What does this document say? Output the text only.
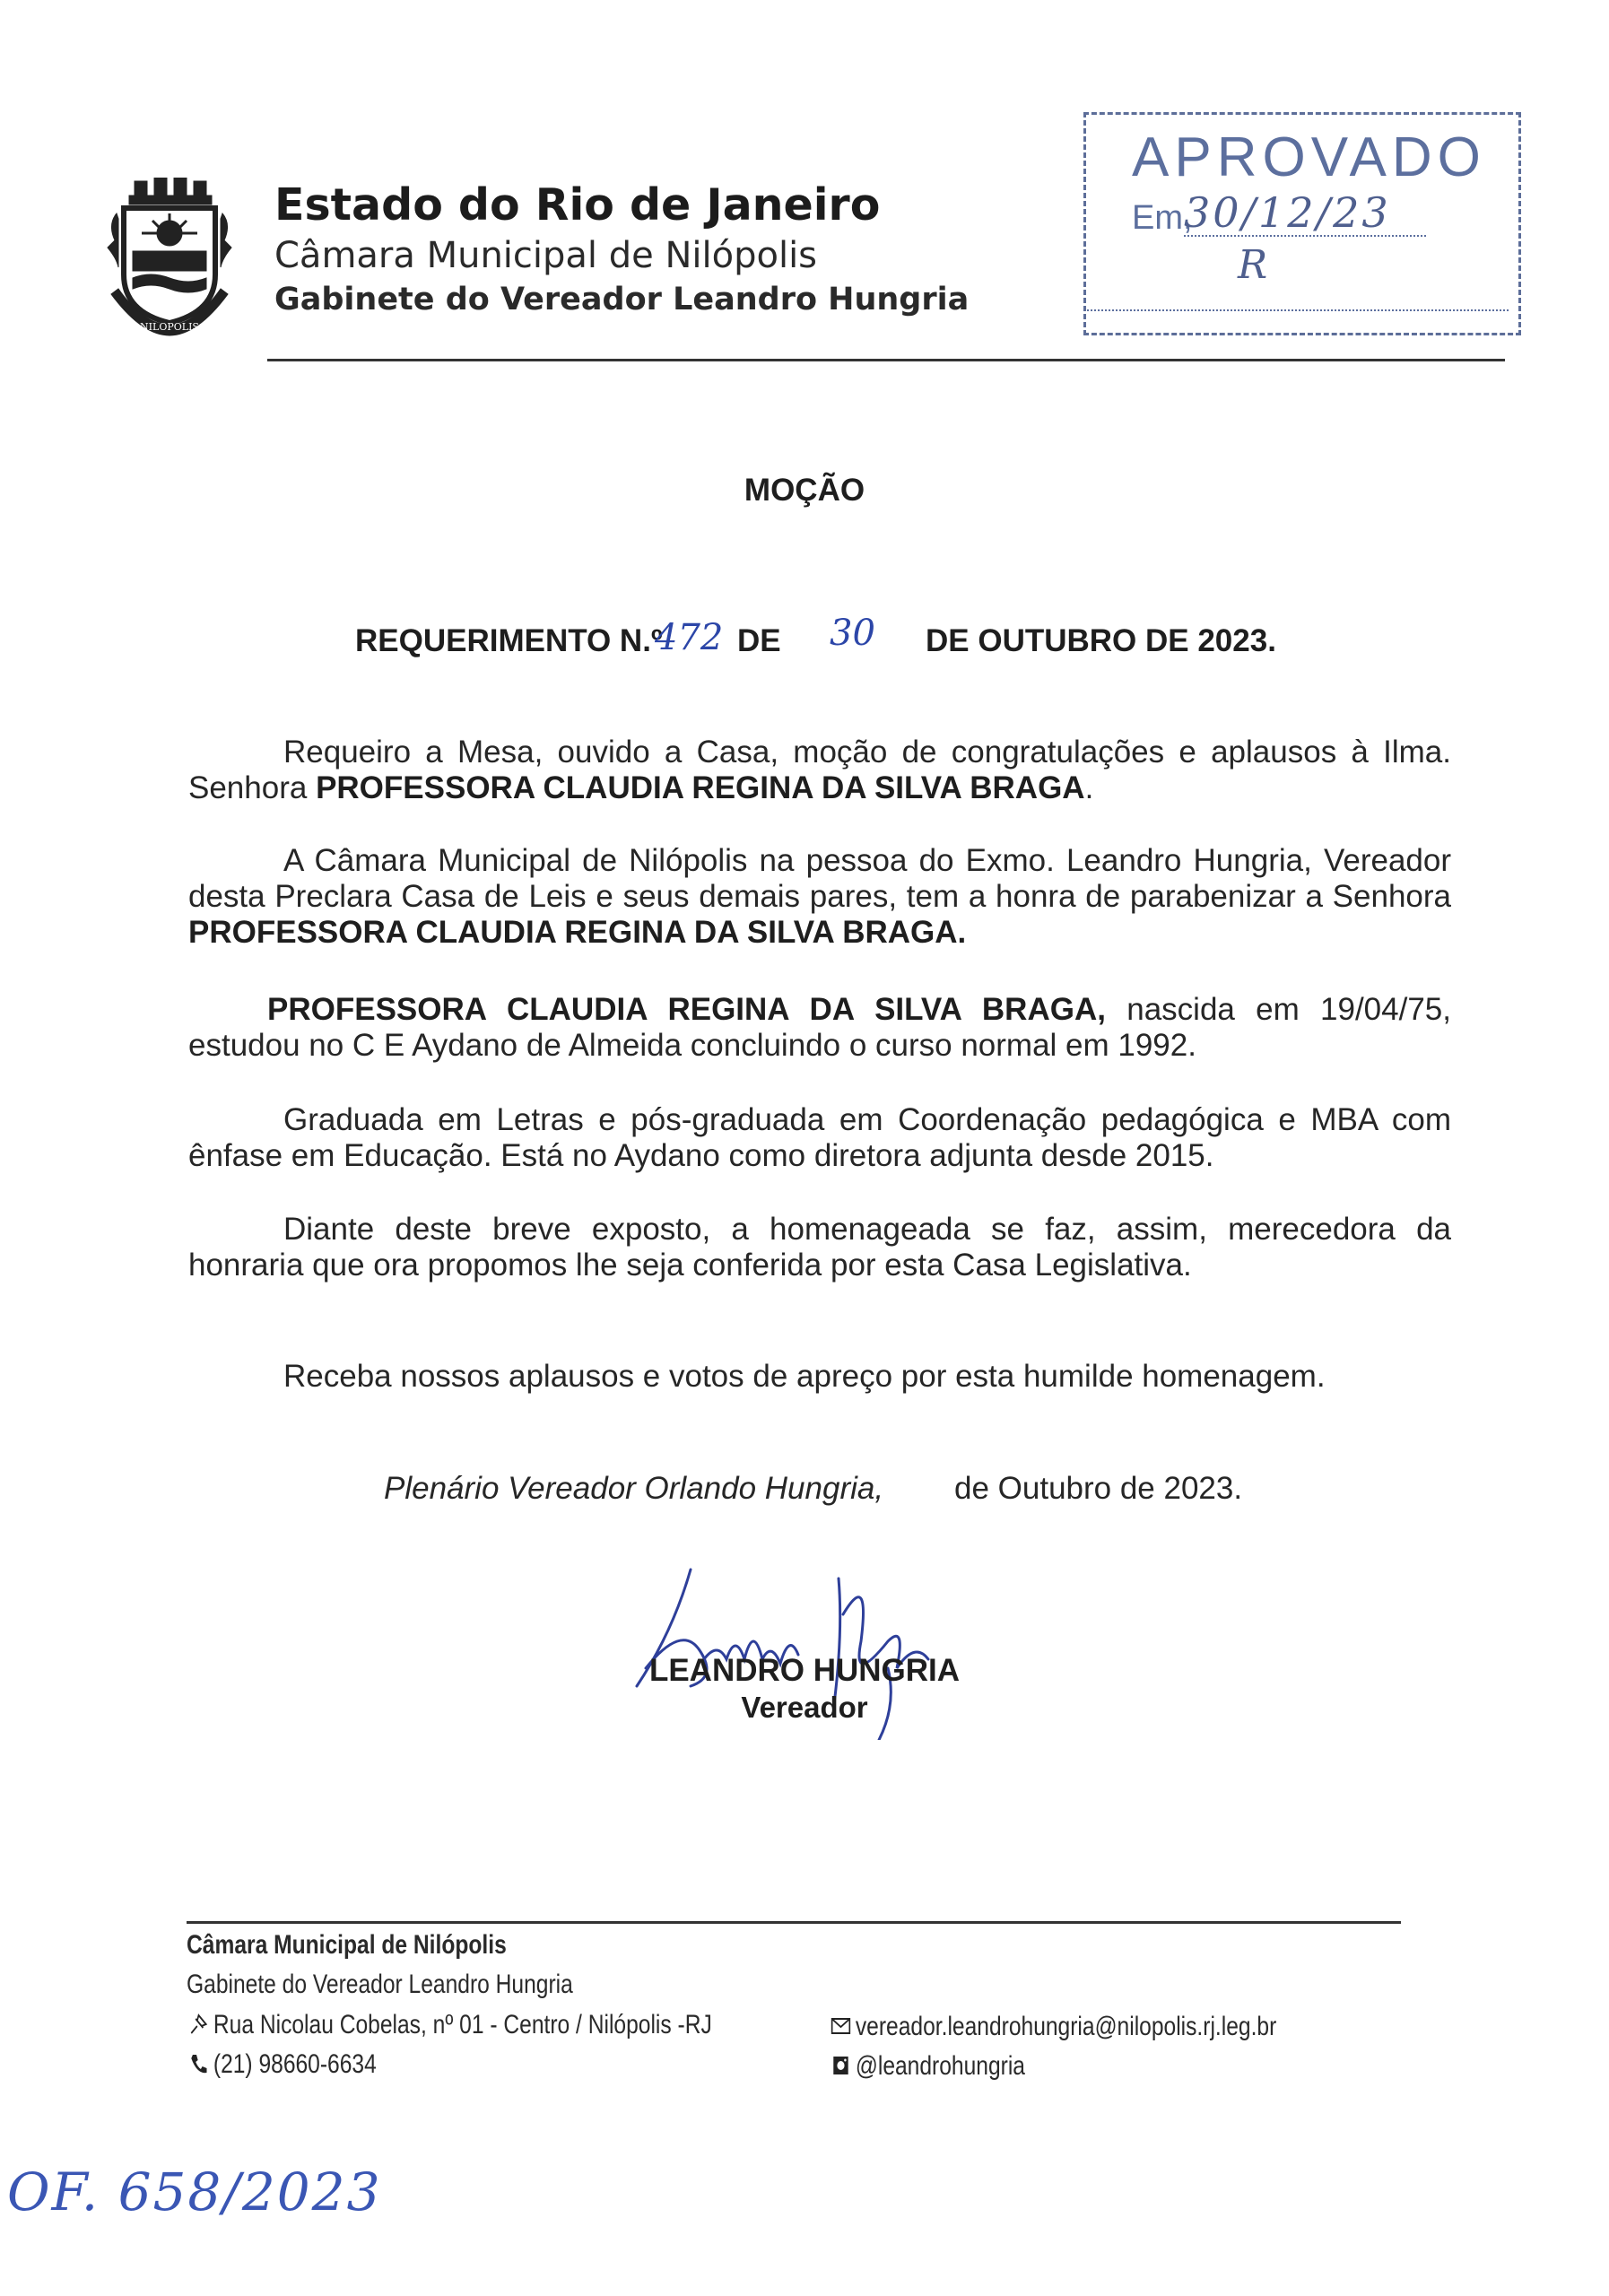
NILOPOLIS
Estado do Rio de Janeiro
Câmara Municipal de Nilópolis
Gabinete do Vereador Leandro Hungria
APROVADO
Em,
30/12/23
R
MOÇÃO
REQUERIMENTO N.º
472 DE 30 DE OUTUBRO DE 2023.
Requeiro a Mesa, ouvido a Casa, moção de congratulações e aplausos à Ilma. Senhora PROFESSORA CLAUDIA REGINA DA SILVA BRAGA.
A Câmara Municipal de Nilópolis na pessoa do Exmo. Leandro Hungria, Vereador desta Preclara Casa de Leis e seus demais pares, tem a honra de parabenizar a Senhora PROFESSORA CLAUDIA REGINA DA SILVA BRAGA.
PROFESSORA CLAUDIA REGINA DA SILVA BRAGA, nascida em 19/04/75, estudou no C E Aydano de Almeida concluindo o curso normal em 1992.
Graduada em Letras e pós-graduada em Coordenação pedagógica e MBA com ênfase em Educação. Está no Aydano como diretora adjunta desde 2015.
Diante deste breve exposto, a homenageada se faz, assim, merecedora da honraria que ora propomos lhe seja conferida por esta Casa Legislativa.
Receba nossos aplausos e votos de apreço por esta humilde homenagem.
Plenário Vereador Orlando Hungria, de Outubro de 2023.
LEANDRO HUNGRIA
Vereador
Câmara Municipal de Nilópolis
Gabinete do Vereador Leandro Hungria
Rua Nicolau Cobelas, nº 01 - Centro / Nilópolis -RJ
(21) 98660-6634
vereador.leandrohungria@nilopolis.rj.leg.br
@leandrohungria
OF. 658/2023
